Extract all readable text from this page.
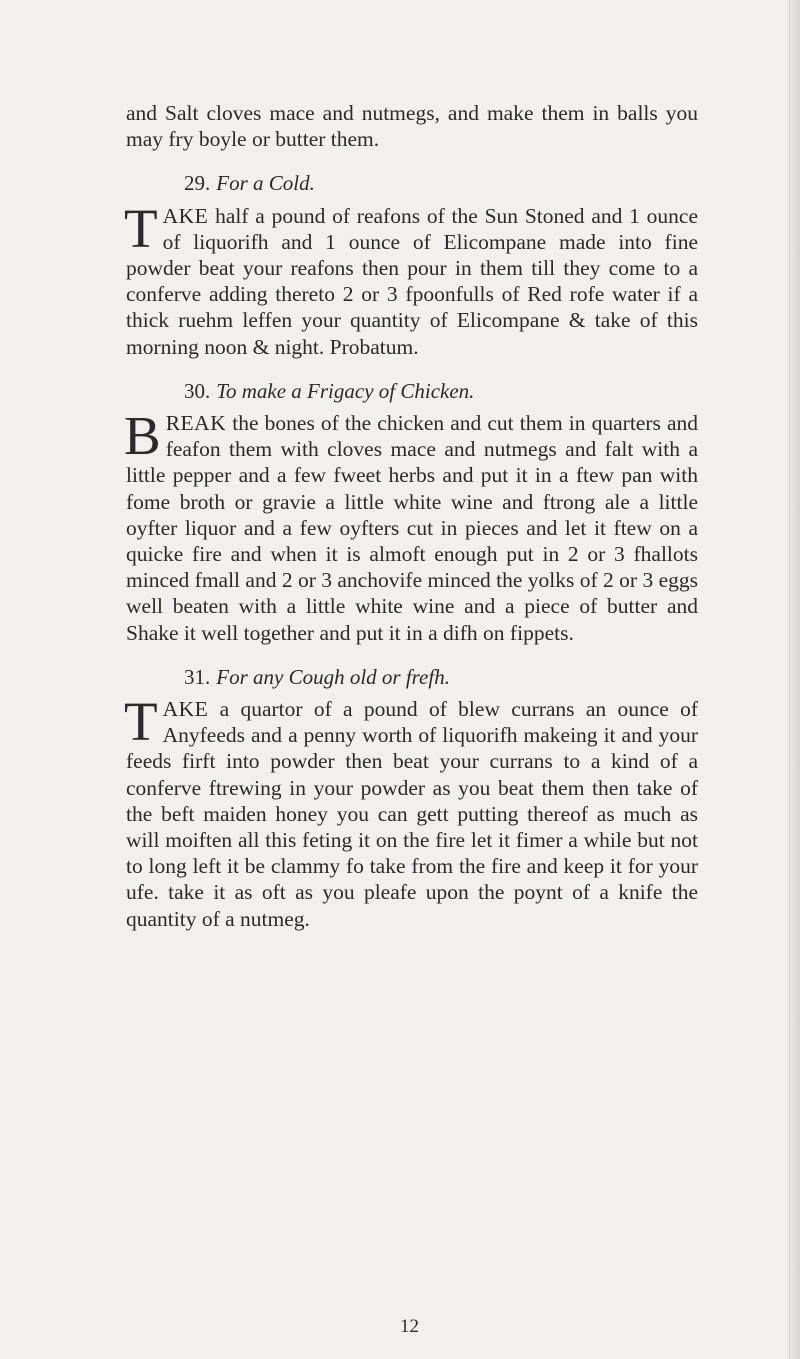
and Salt cloves mace and nutmegs, and make them in balls you may fry boyle or butter them.

29. For a Cold.

TAKE half a pound of reafons of the Sun Stoned and 1 ounce of liquorifh and 1 ounce of Elicompane made into fine powder beat your reafons then pour in them till they come to a conferve adding thereto 2 or 3 fpoonfulls of Red rofe water if a thick ruehm leffen your quantity of Elicompane & take of this morning noon & night. Probatum.

30. To make a Frigacy of Chicken.

BREAK the bones of the chicken and cut them in quarters and feafon them with cloves mace and nutmegs and falt with a little pepper and a few fweet herbs and put it in a ftew pan with fome broth or gravie a little white wine and ftrong ale a little oyfter liquor and a few oyfters cut in pieces and let it ftew on a quicke fire and when it is almoft enough put in 2 or 3 fhallots minced fmall and 2 or 3 anchovife minced the yolks of 2 or 3 eggs well beaten with a little white wine and a piece of butter and Shake it well together and put it in a difh on fippets.

31. For any Cough old or frefh.

TAKE a quartor of a pound of blew currans an ounce of Anyfeeds and a penny worth of liquorifh makeing it and your feeds firft into powder then beat your currans to a kind of a conferve ftrewing in your powder as you beat them then take of the beft maiden honey you can gett putting thereof as much as will moiften all this feting it on the fire let it fimer a while but not to long left it be clammy fo take from the fire and keep it for your ufe. take it as oft as you pleafe upon the poynt of a knife the quantity of a nutmeg.

12
